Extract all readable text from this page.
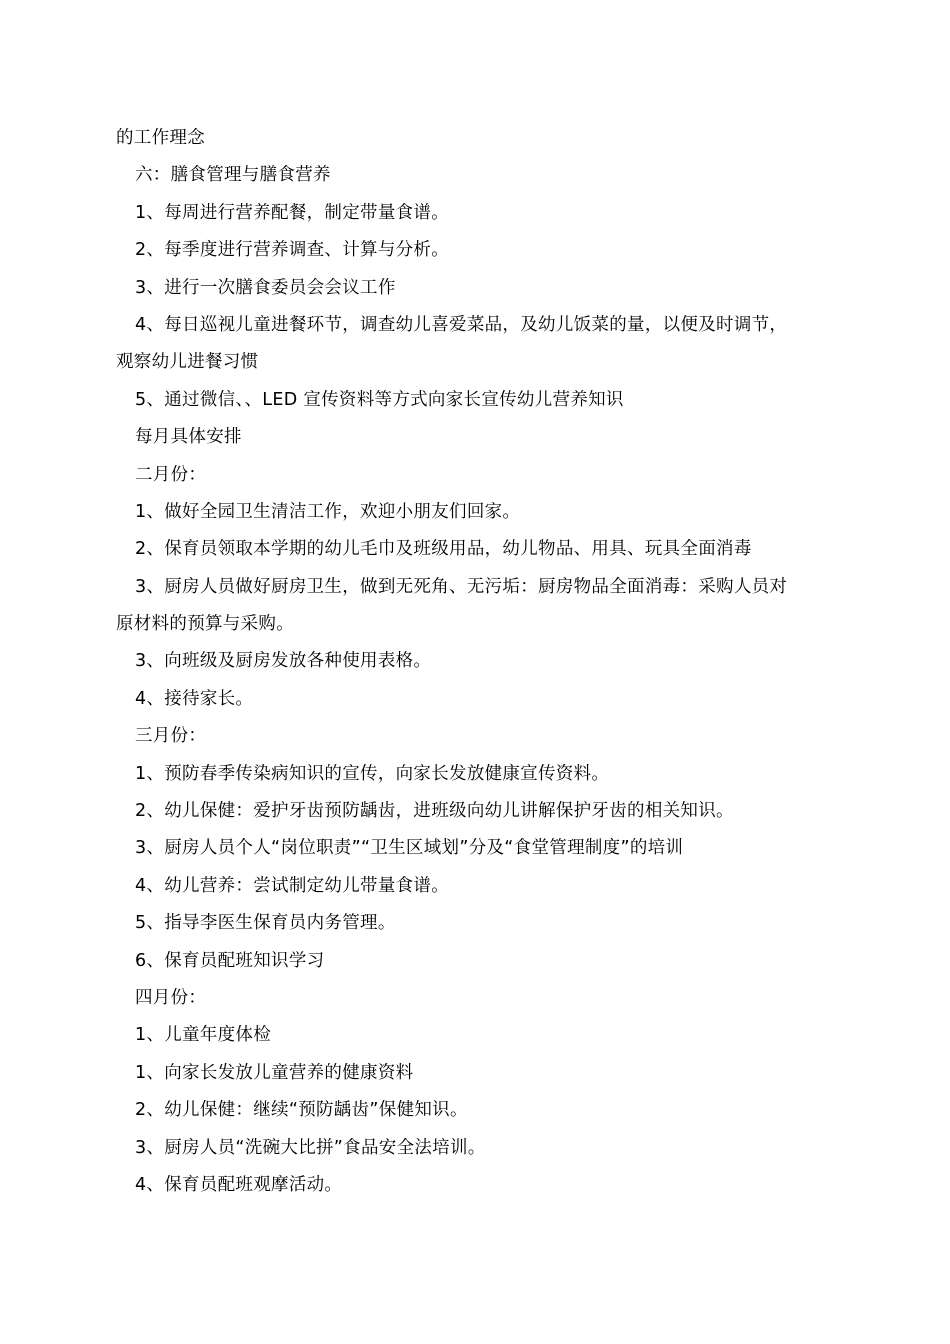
的工作理念
六：膳食管理与膳食营养
1、每周进行营养配餐，制定带量食谱。
2、每季度进行营养调查、计算与分析。
3、进行一次膳食委员会会议工作
4、每日巡视儿童进餐环节，调查幼儿喜爱菜品，及幼儿饭菜的量，以便及时调节，
观察幼儿进餐习惯
5、通过微信、、LED 宣传资料等方式向家长宣传幼儿营养知识
每月具体安排
二月份：
1、做好全园卫生清洁工作，欢迎小朋友们回家。
2、保育员领取本学期的幼儿毛巾及班级用品，幼儿物品、用具、玩具全面消毒
3、厨房人员做好厨房卫生，做到无死角、无污垢：厨房物品全面消毒：采购人员对
原材料的预算与采购。
3、向班级及厨房发放各种使用表格。
4、接待家长。
三月份：
1、预防春季传染病知识的宣传，向家长发放健康宣传资料。
2、幼儿保健：爱护牙齿预防龋齿，进班级向幼儿讲解保护牙齿的相关知识。
3、厨房人员个人“岗位职责”“卫生区域划”分及“食堂管理制度”的培训
4、幼儿营养：尝试制定幼儿带量食谱。
5、指导李医生保育员内务管理。
6、保育员配班知识学习
四月份：
1、儿童年度体检
1、向家长发放儿童营养的健康资料
2、幼儿保健：继续“预防龋齿”保健知识。
3、厨房人员“洗碗大比拼”食品安全法培训。
4、保育员配班观摩活动。
